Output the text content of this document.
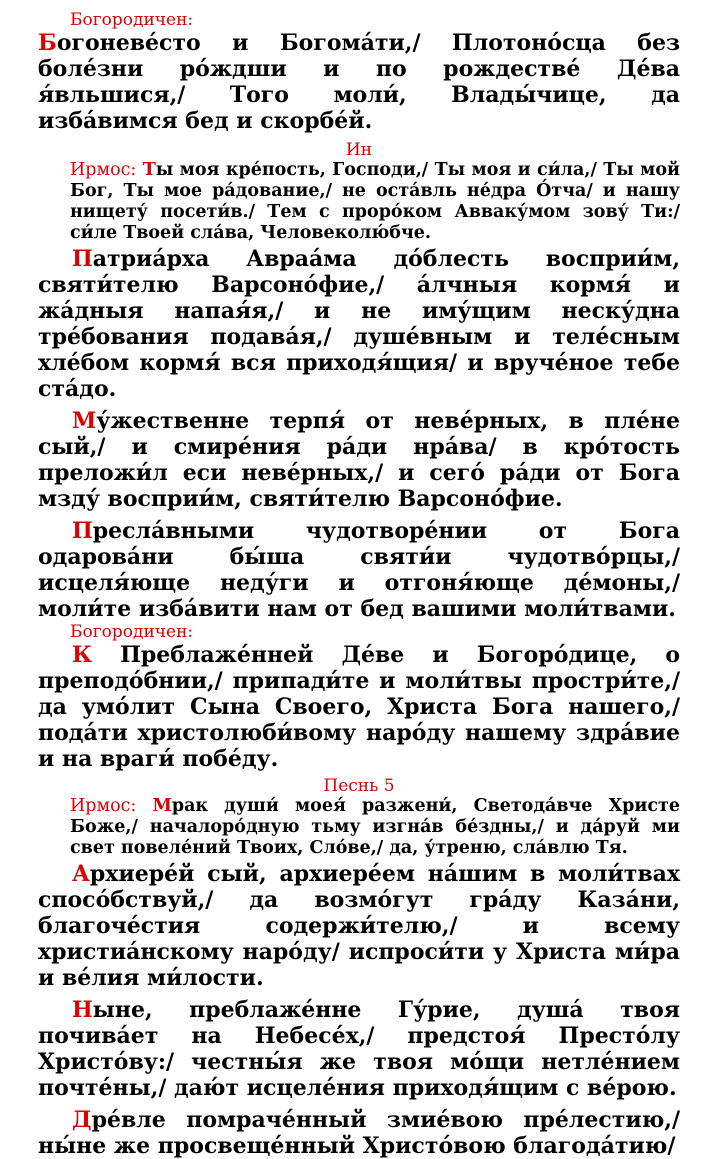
Богородичен:

Богоневе́сто и Богома́ти,/ Плотоно́сца без боле́зни ро́ждши и по рождестве́ Де́ва я́вльшися,/ Того моли́, Влады́чице, да изба́вимся бед и скорбе́й.

Ин

Ирмос: Ты моя кре́пость, Господи,/ Ты моя и си́ла,/ Ты мой Бог, Ты мое ра́дование,/ не оста́вль не́дра О́тча/ и нашу нищету́ посети́в./ Тем с проро́ком Авваку́мом зову́ Ти:/ си́ле Твоей сла́ва, Человеколю́бче.

Патриа́рха Авраа́ма до́блесть восприи́м, святи́телю Варсоно́фие,/ а́лчныя кормя́ и жа́дныя напая́я,/ и не иму́щим неску́дна тре́бования подава́я,/ душе́вным и теле́сным хле́бом кормя́ вся приходя́щия/ и вруче́ное тебе ста́до.

Му́жественне терпя́ от неве́рных, в пле́не сый,/ и смире́ния ра́ди нра́ва/ в кро́тость преложи́л еси неве́рных,/ и сего́ ра́ди от Бога мзду́ восприи́м, святи́телю Варсоно́фие.

Пресла́вными чудотворе́нии от Бога одарова́ни бы́ша святи́и чудотво́рцы,/ исцеля́юще неду́ги и отгоня́юще де́моны,/ моли́те изба́вити нам от бед вашими моли́твами.

Богородичен:

К Преблаже́нней Де́ве и Богоро́дице, о преподо́бнии,/ припади́те и моли́твы простри́те,/ да умо́лит Сына Своего, Христа Бога нашего,/ пода́ти христолюби́вому наро́ду нашему здра́вие и на враги́ побе́ду.

Песнь 5

Ирмос: Мрак души́ моея́ разжени́, Светода́вче Христе Боже,/ началоро́дную тьму изгна́в бе́здны,/ и да́руй ми свет повеле́ний Твоих, Сло́ве,/ да, у́треню, сла́влю Тя.

Архиере́й сый, архиере́ем на́шим в моли́твах спосо́бствуй,/ да возмо́гут гра́ду Каза́ни, благоче́стия содержи́телю,/ и всему христиа́нскому наро́ду/ испроси́ти у Христа ми́ра и ве́лия ми́лости.

Ныне, преблаже́нне Гу́рие, душа́ твоя почива́ет на Небесе́х,/ предстоя́ Престо́лу Христо́ву:/ честны́я же твоя мо́щи нетле́нием почте́ны,/ даю́т исцеле́ния приходя́щим с ве́рою.

Дре́вле помраче́нный змие́вою пре́лестию,/ ны́не же просвеще́нный Христо́вою благода́тию/
